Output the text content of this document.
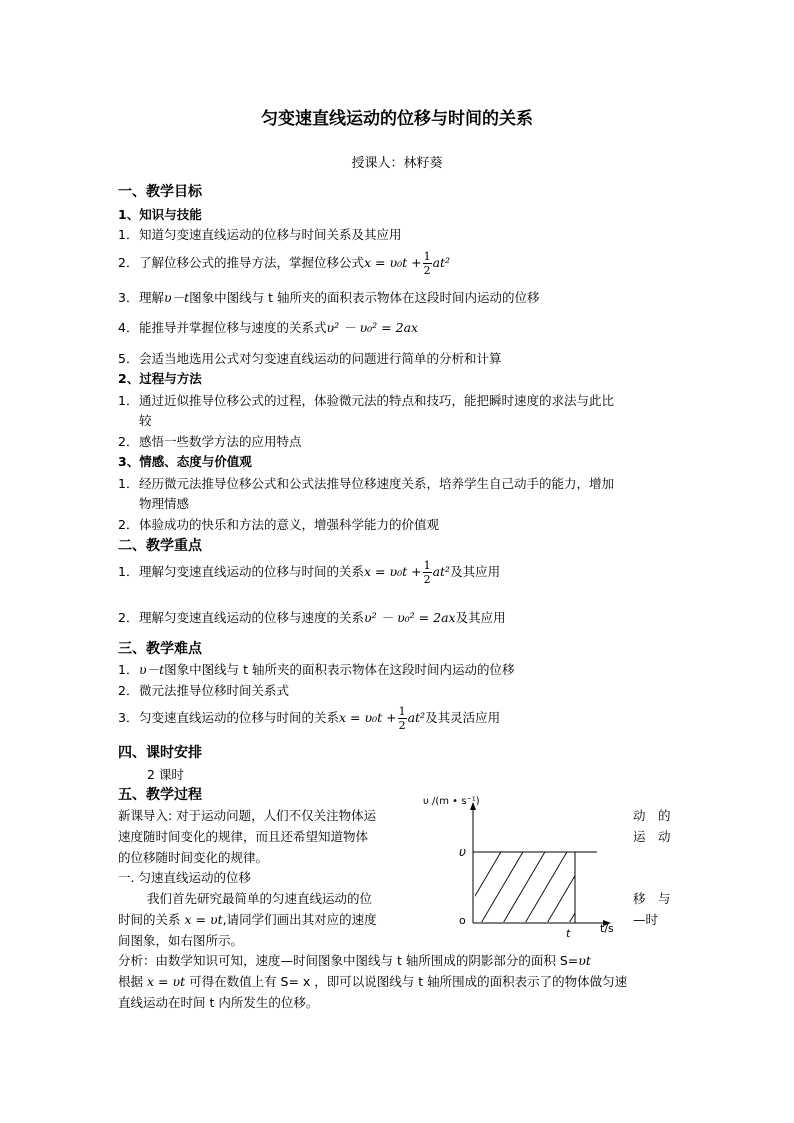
匀变速直线运动的位移与时间的关系
授课人：林籽葵
一、教学目标
1、知识与技能
1．知道匀变速直线运动的位移与时间关系及其应用
2．了解位移公式的推导方法，掌握位移公式$x = \upsilon_0t + \frac{1}{2} at^2$
3．理解υ－t图象中图线与 t 轴所夹的面积表示物体在这段时间内运动的位移
4．能推导并掌握位移与速度的关系式υ² － υ₀² = 2ax
5．会适当地选用公式对匀变速直线运动的问题进行简单的分析和计算
2、过程与方法
1．通过近似推导位移公式的过程，体验微元法的特点和技巧，能把瞬时速度的求法与此比
较
2．感悟一些数学方法的应用特点
3、情感、态度与价值观
1．经历微元法推导位移公式和公式法推导位移速度关系，培养学生自己动手的能力，增加
物理情感
2．体验成功的快乐和方法的意义，增强科学能力的价值观
二、教学重点
1．理解匀变速直线运动的位移与时间的关系$x = \upsilon_0t + \frac{1}{2} at^2$及其应用
2．理解匀变速直线运动的位移与速度的关系υ² － υ₀² = 2ax及其应用
三、教学难点
1．υ－t图象中图线与 t 轴所夹的面积表示物体在这段时间内运动的位移
2．微元法推导位移时间关系式
3．匀变速直线运动的位移与时间的关系$x = \upsilon_0t + \frac{1}{2} at^2$及其灵活应用
四、课时安排
2 课时
五、教学过程
新课导入: 对于运动问题，人们不仅关注物体运	动　的
速度随时间变化的规律，而且还希望知道物体	运　动
的位移随时间变化的规律。
一. 匀速直线运动的位移
我们首先研究最简单的匀速直线运动的位	移　与
时间的关系 x = υt,请同学们画出其对应的速度	—时
间图象，如右图所示。
分析：由数学知识可知，速度—时间图象中图线与 t 轴所围成的阴影部分的面积 S=υt
根据 x = υt 可得在数值上有 S= x ，即可以说图线与 t 轴所围成的面积表示了的物体做匀速
直线运动在时间 t 内所发生的位移。
υ /(m • s⁻¹)
υ
o
t	t/s
